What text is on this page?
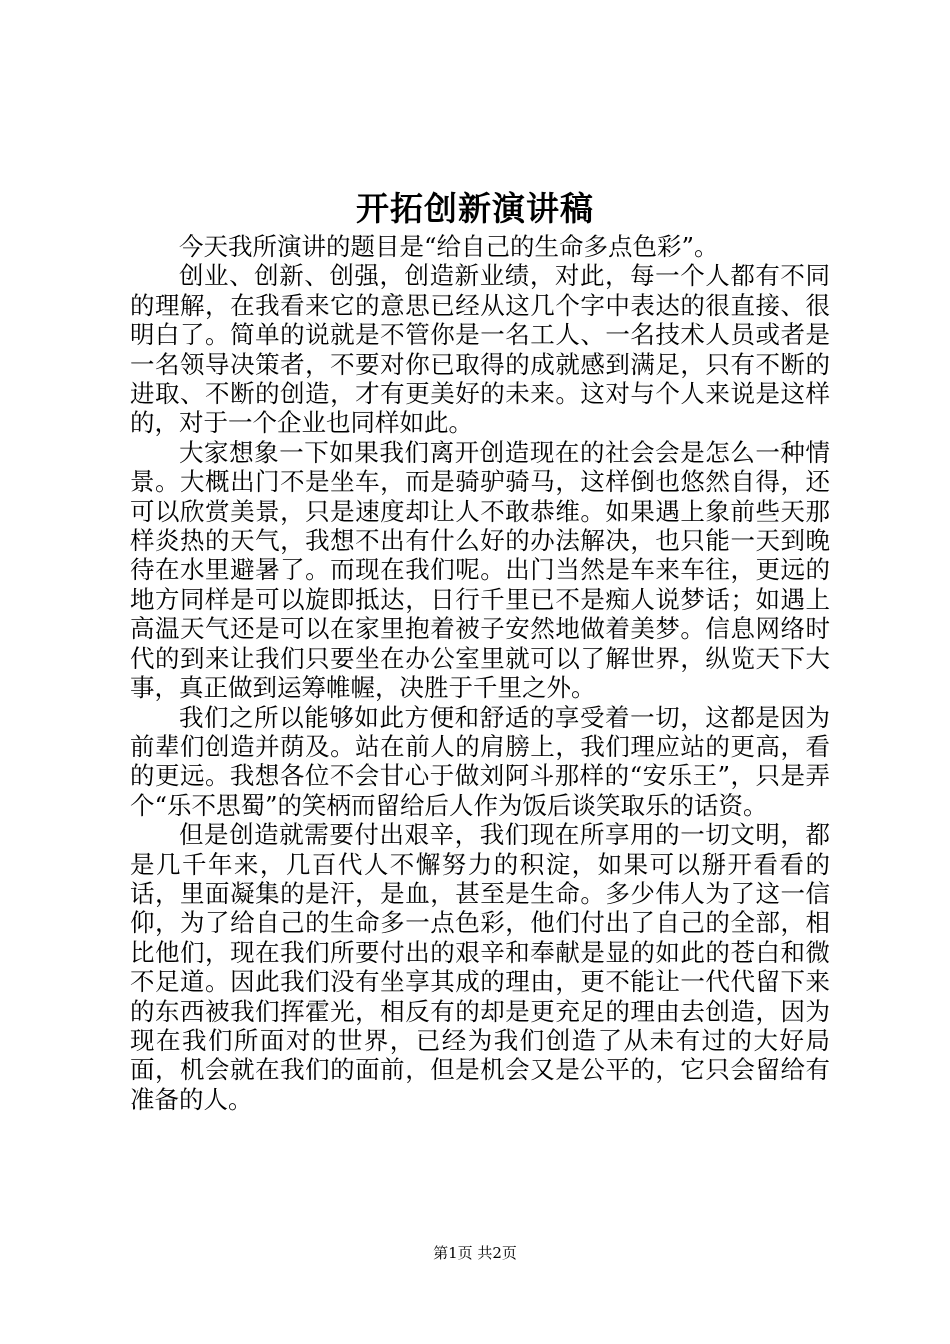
开拓创新演讲稿

今天我所演讲的题目是“给自己的生命多点色彩”。

创业、创新、创强，创造新业绩，对此，每一个人都有不同的理解，在我看来它的意思已经从这几个字中表达的很直接、很明白了。简单的说就是不管你是一名工人、一名技术人员或者是一名领导决策者，不要对你已取得的成就感到满足，只有不断的进取、不断的创造，才有更美好的未来。这对与个人来说是这样的，对于一个企业也同样如此。

大家想象一下如果我们离开创造现在的社会会是怎么一种情景。大概出门不是坐车，而是骑驴骑马，这样倒也悠然自得，还可以欣赏美景，只是速度却让人不敢恭维。如果遇上象前些天那样炎热的天气，我想不出有什么好的办法解决，也只能一天到晚待在水里避暑了。而现在我们呢。出门当然是车来车往，更远的地方同样是可以旋即抵达，日行千里已不是痴人说梦话；如遇上高温天气还是可以在家里抱着被子安然地做着美梦。信息网络时代的到来让我们只要坐在办公室里就可以了解世界，纵览天下大事，真正做到运筹帷幄，决胜于千里之外。

我们之所以能够如此方便和舒适的享受着一切，这都是因为前辈们创造并荫及。站在前人的肩膀上，我们理应站的更高，看的更远。我想各位不会甘心于做刘阿斗那样的“安乐王”，只是弄个“乐不思蜀”的笑柄而留给后人作为饭后谈笑取乐的话资。

但是创造就需要付出艰辛，我们现在所享用的一切文明，都是几千年来，几百代人不懈努力的积淀，如果可以掰开看看的话，里面凝集的是汗，是血，甚至是生命。多少伟人为了这一信仰，为了给自己的生命多一点色彩，他们付出了自己的全部，相比他们，现在我们所要付出的艰辛和奉献是显的如此的苍白和微不足道。因此我们没有坐享其成的理由，更不能让一代代留下来的东西被我们挥霍光，相反有的却是更充足的理由去创造，因为现在我们所面对的世界，已经为我们创造了从未有过的大好局面，机会就在我们的面前，但是机会又是公平的，它只会留给有准备的人。

第1页 共2页
